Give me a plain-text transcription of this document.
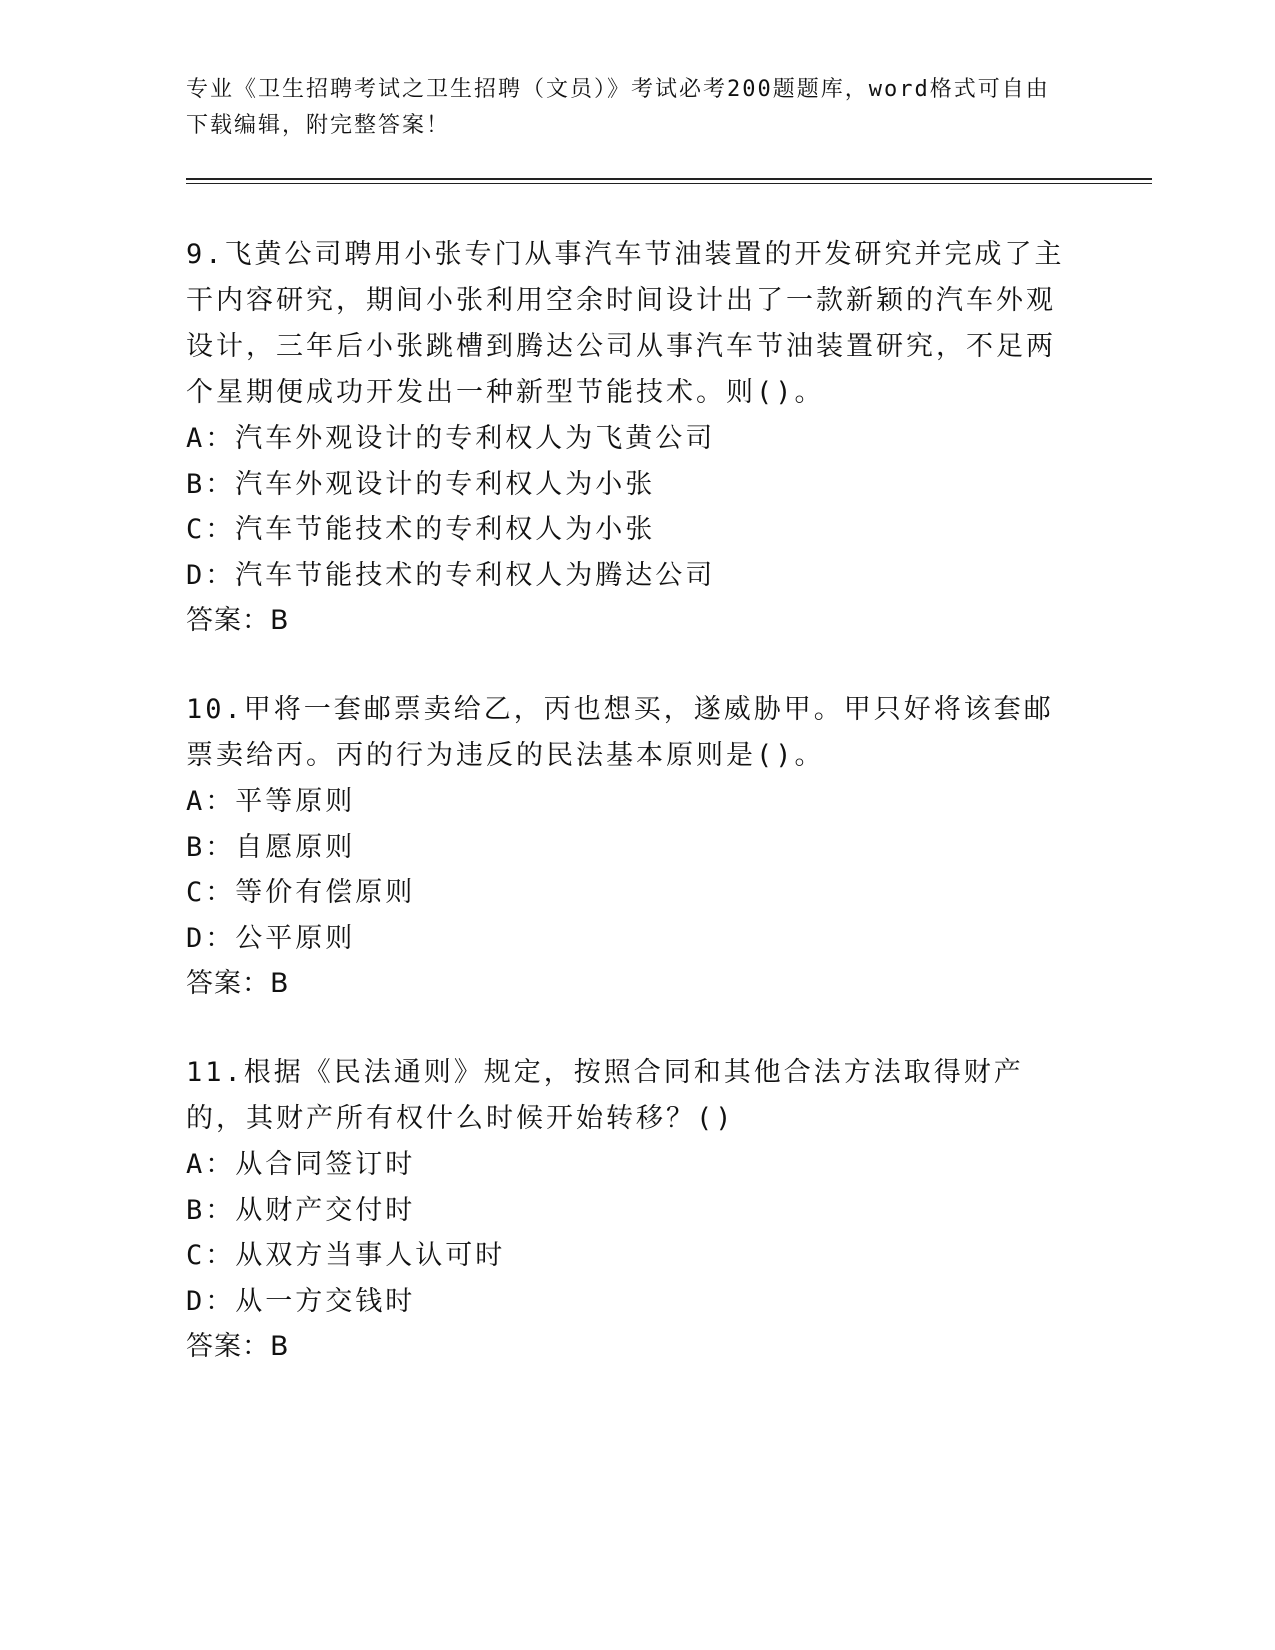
专业《卫生招聘考试之卫生招聘（文员）》考试必考200题题库，word格式可自由下载编辑，附完整答案！

9.飞黄公司聘用小张专门从事汽车节油装置的开发研究并完成了主干内容研究，期间小张利用空余时间设计出了一款新颖的汽车外观设计，三年后小张跳槽到腾达公司从事汽车节油装置研究，不足两个星期便成功开发出一种新型节能技术。则()。

A：汽车外观设计的专利权人为飞黄公司

B：汽车外观设计的专利权人为小张

C：汽车节能技术的专利权人为小张

D：汽车节能技术的专利权人为腾达公司

答案：B

10.甲将一套邮票卖给乙，丙也想买，遂威胁甲。甲只好将该套邮票卖给丙。丙的行为违反的民法基本原则是()。

A：平等原则

B：自愿原则

C：等价有偿原则

D：公平原则

答案：B

11.根据《民法通则》规定，按照合同和其他合法方法取得财产的，其财产所有权什么时候开始转移？()

A：从合同签订时

B：从财产交付时

C：从双方当事人认可时

D：从一方交钱时

答案：B
